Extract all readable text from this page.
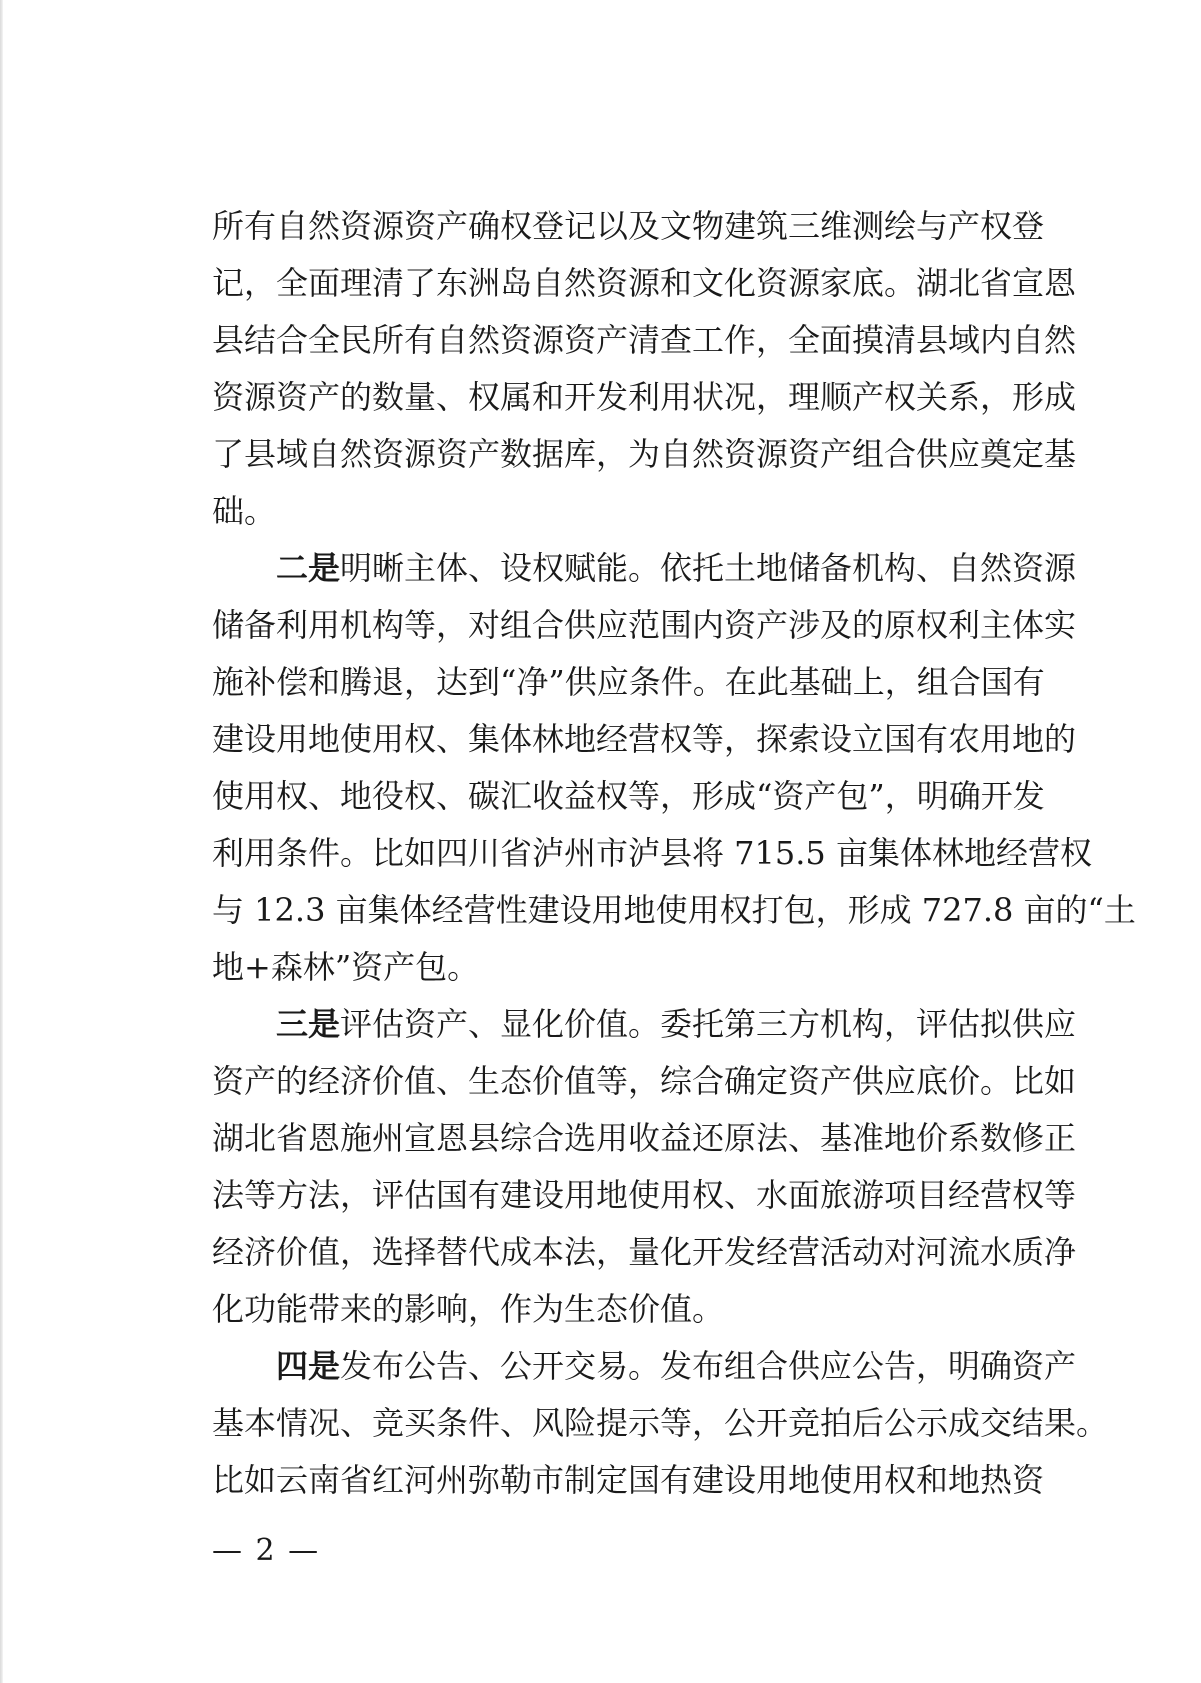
所有自然资源资产确权登记以及文物建筑三维测绘与产权登
记，全面理清了东洲岛自然资源和文化资源家底。湖北省宣恩
县结合全民所有自然资源资产清查工作，全面摸清县域内自然
资源资产的数量、权属和开发利用状况，理顺产权关系，形成
了县域自然资源资产数据库，为自然资源资产组合供应奠定基
础。
二是明晰主体、设权赋能。依托土地储备机构、自然资源
储备利用机构等，对组合供应范围内资产涉及的原权利主体实
施补偿和腾退，达到“净”供应条件。在此基础上，组合国有
建设用地使用权、集体林地经营权等，探索设立国有农用地的
使用权、地役权、碳汇收益权等，形成“资产包”，明确开发
利用条件。比如四川省泸州市泸县将 715.5 亩集体林地经营权
与 12.3 亩集体经营性建设用地使用权打包，形成 727.8 亩的“土
地+森林”资产包。
三是评估资产、显化价值。委托第三方机构，评估拟供应
资产的经济价值、生态价值等，综合确定资产供应底价。比如
湖北省恩施州宣恩县综合选用收益还原法、基准地价系数修正
法等方法，评估国有建设用地使用权、水面旅游项目经营权等
经济价值，选择替代成本法，量化开发经营活动对河流水质净
化功能带来的影响，作为生态价值。
四是发布公告、公开交易。发布组合供应公告，明确资产
基本情况、竞买条件、风险提示等，公开竞拍后公示成交结果。
比如云南省红河州弥勒市制定国有建设用地使用权和地热资
— 2 —
